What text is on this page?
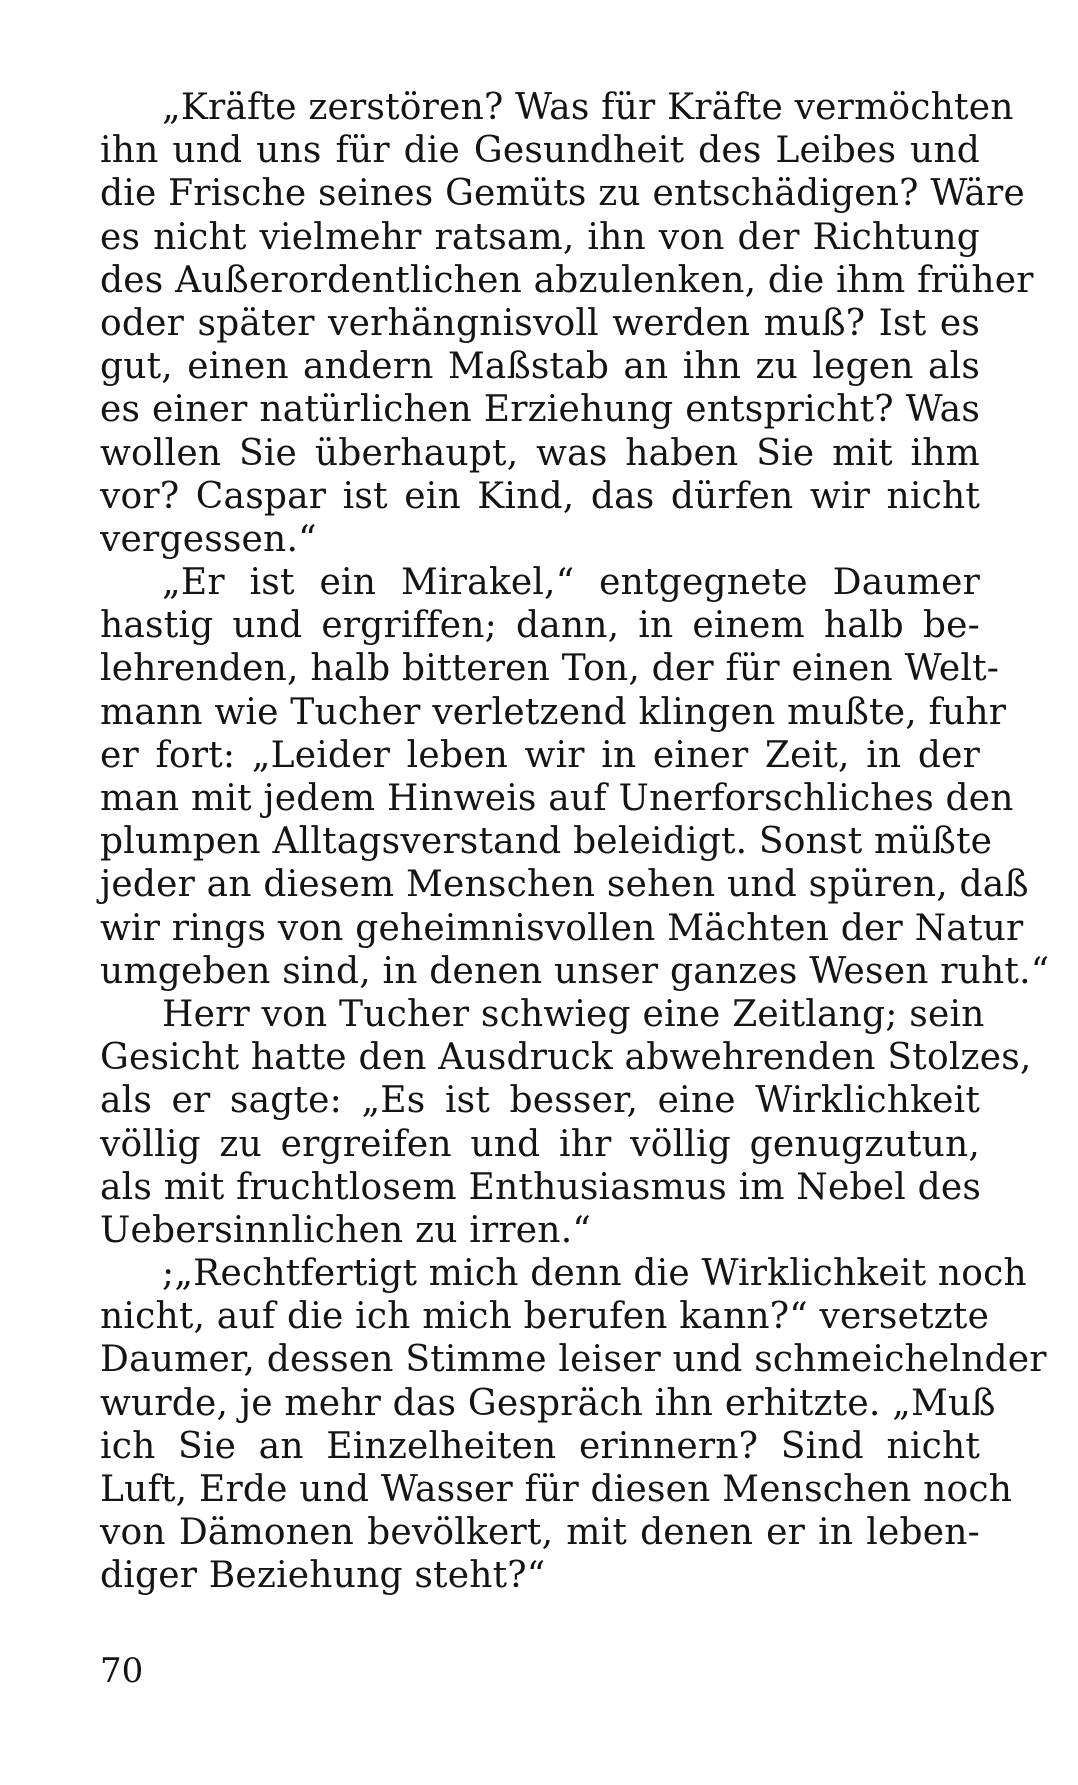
„Kräfte zerstören? Was für Kräfte vermöchten
ihn und uns für die Gesundheit des Leibes und
die Frische seines Gemüts zu entschädigen? Wäre
es nicht vielmehr ratsam, ihn von der Richtung
des Außerordentlichen abzulenken, die ihm früher
oder später verhängnisvoll werden muß? Ist es
gut, einen andern Maßstab an ihn zu legen als
es einer natürlichen Erziehung entspricht? Was
wollen Sie überhaupt, was haben Sie mit ihm
vor? Caspar ist ein Kind, das dürfen wir nicht
vergessen.“
„Er ist ein Mirakel,“ entgegnete Daumer
hastig und ergriffen; dann, in einem halb be-
lehrenden, halb bitteren Ton, der für einen Welt-
mann wie Tucher verletzend klingen mußte, fuhr
er fort: „Leider leben wir in einer Zeit, in der
man mit jedem Hinweis auf Unerforschliches den
plumpen Alltagsverstand beleidigt. Sonst müßte
jeder an diesem Menschen sehen und spüren, daß
wir rings von geheimnisvollen Mächten der Natur
umgeben sind, in denen unser ganzes Wesen ruht.“
Herr von Tucher schwieg eine Zeitlang; sein
Gesicht hatte den Ausdruck abwehrenden Stolzes,
als er sagte: „Es ist besser, eine Wirklichkeit
völlig zu ergreifen und ihr völlig genugzutun,
als mit fruchtlosem Enthusiasmus im Nebel des
Uebersinnlichen zu irren.“
;„Rechtfertigt mich denn die Wirklichkeit noch
nicht, auf die ich mich berufen kann?“ versetzte
Daumer, dessen Stimme leiser und schmeichelnder
wurde, je mehr das Gespräch ihn erhitzte. „Muß
ich Sie an Einzelheiten erinnern? Sind nicht
Luft, Erde und Wasser für diesen Menschen noch
von Dämonen bevölkert, mit denen er in leben-
diger Beziehung steht?“
70
